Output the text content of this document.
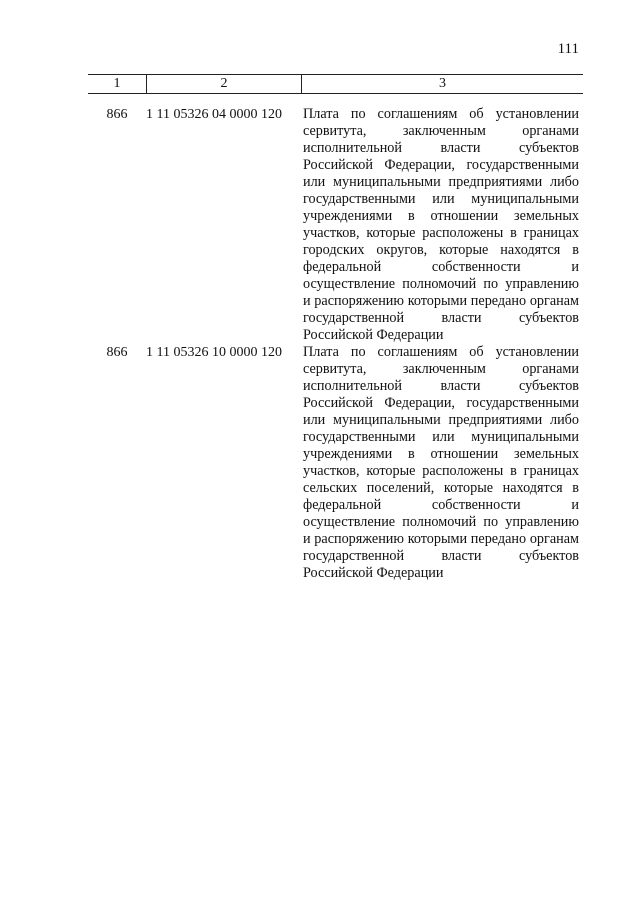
111
1	2	3
866	1 11 05326 04 0000 120	Плата по соглашениям об установлении сервитута, заключенным органами исполнительной власти субъектов Российской Федерации, государственными или муниципальными предприятиями либо государственными или муниципальными учреждениями в отношении земельных участков, которые расположены в границах городских округов, которые находятся в федеральной собственности и осуществление полномочий по управлению и распоряжению которыми передано органам государственной власти субъектов Российской Федерации
866	1 11 05326 10 0000 120	Плата по соглашениям об установлении сервитута, заключенным органами исполнительной власти субъектов Российской Федерации, государственными или муниципальными предприятиями либо государственными или муниципальными учреждениями в отношении земельных участков, которые расположены в границах сельских поселений, которые находятся в федеральной собственности и осуществление полномочий по управлению и распоряжению которыми передано органам государственной власти субъектов Российской Федерации
